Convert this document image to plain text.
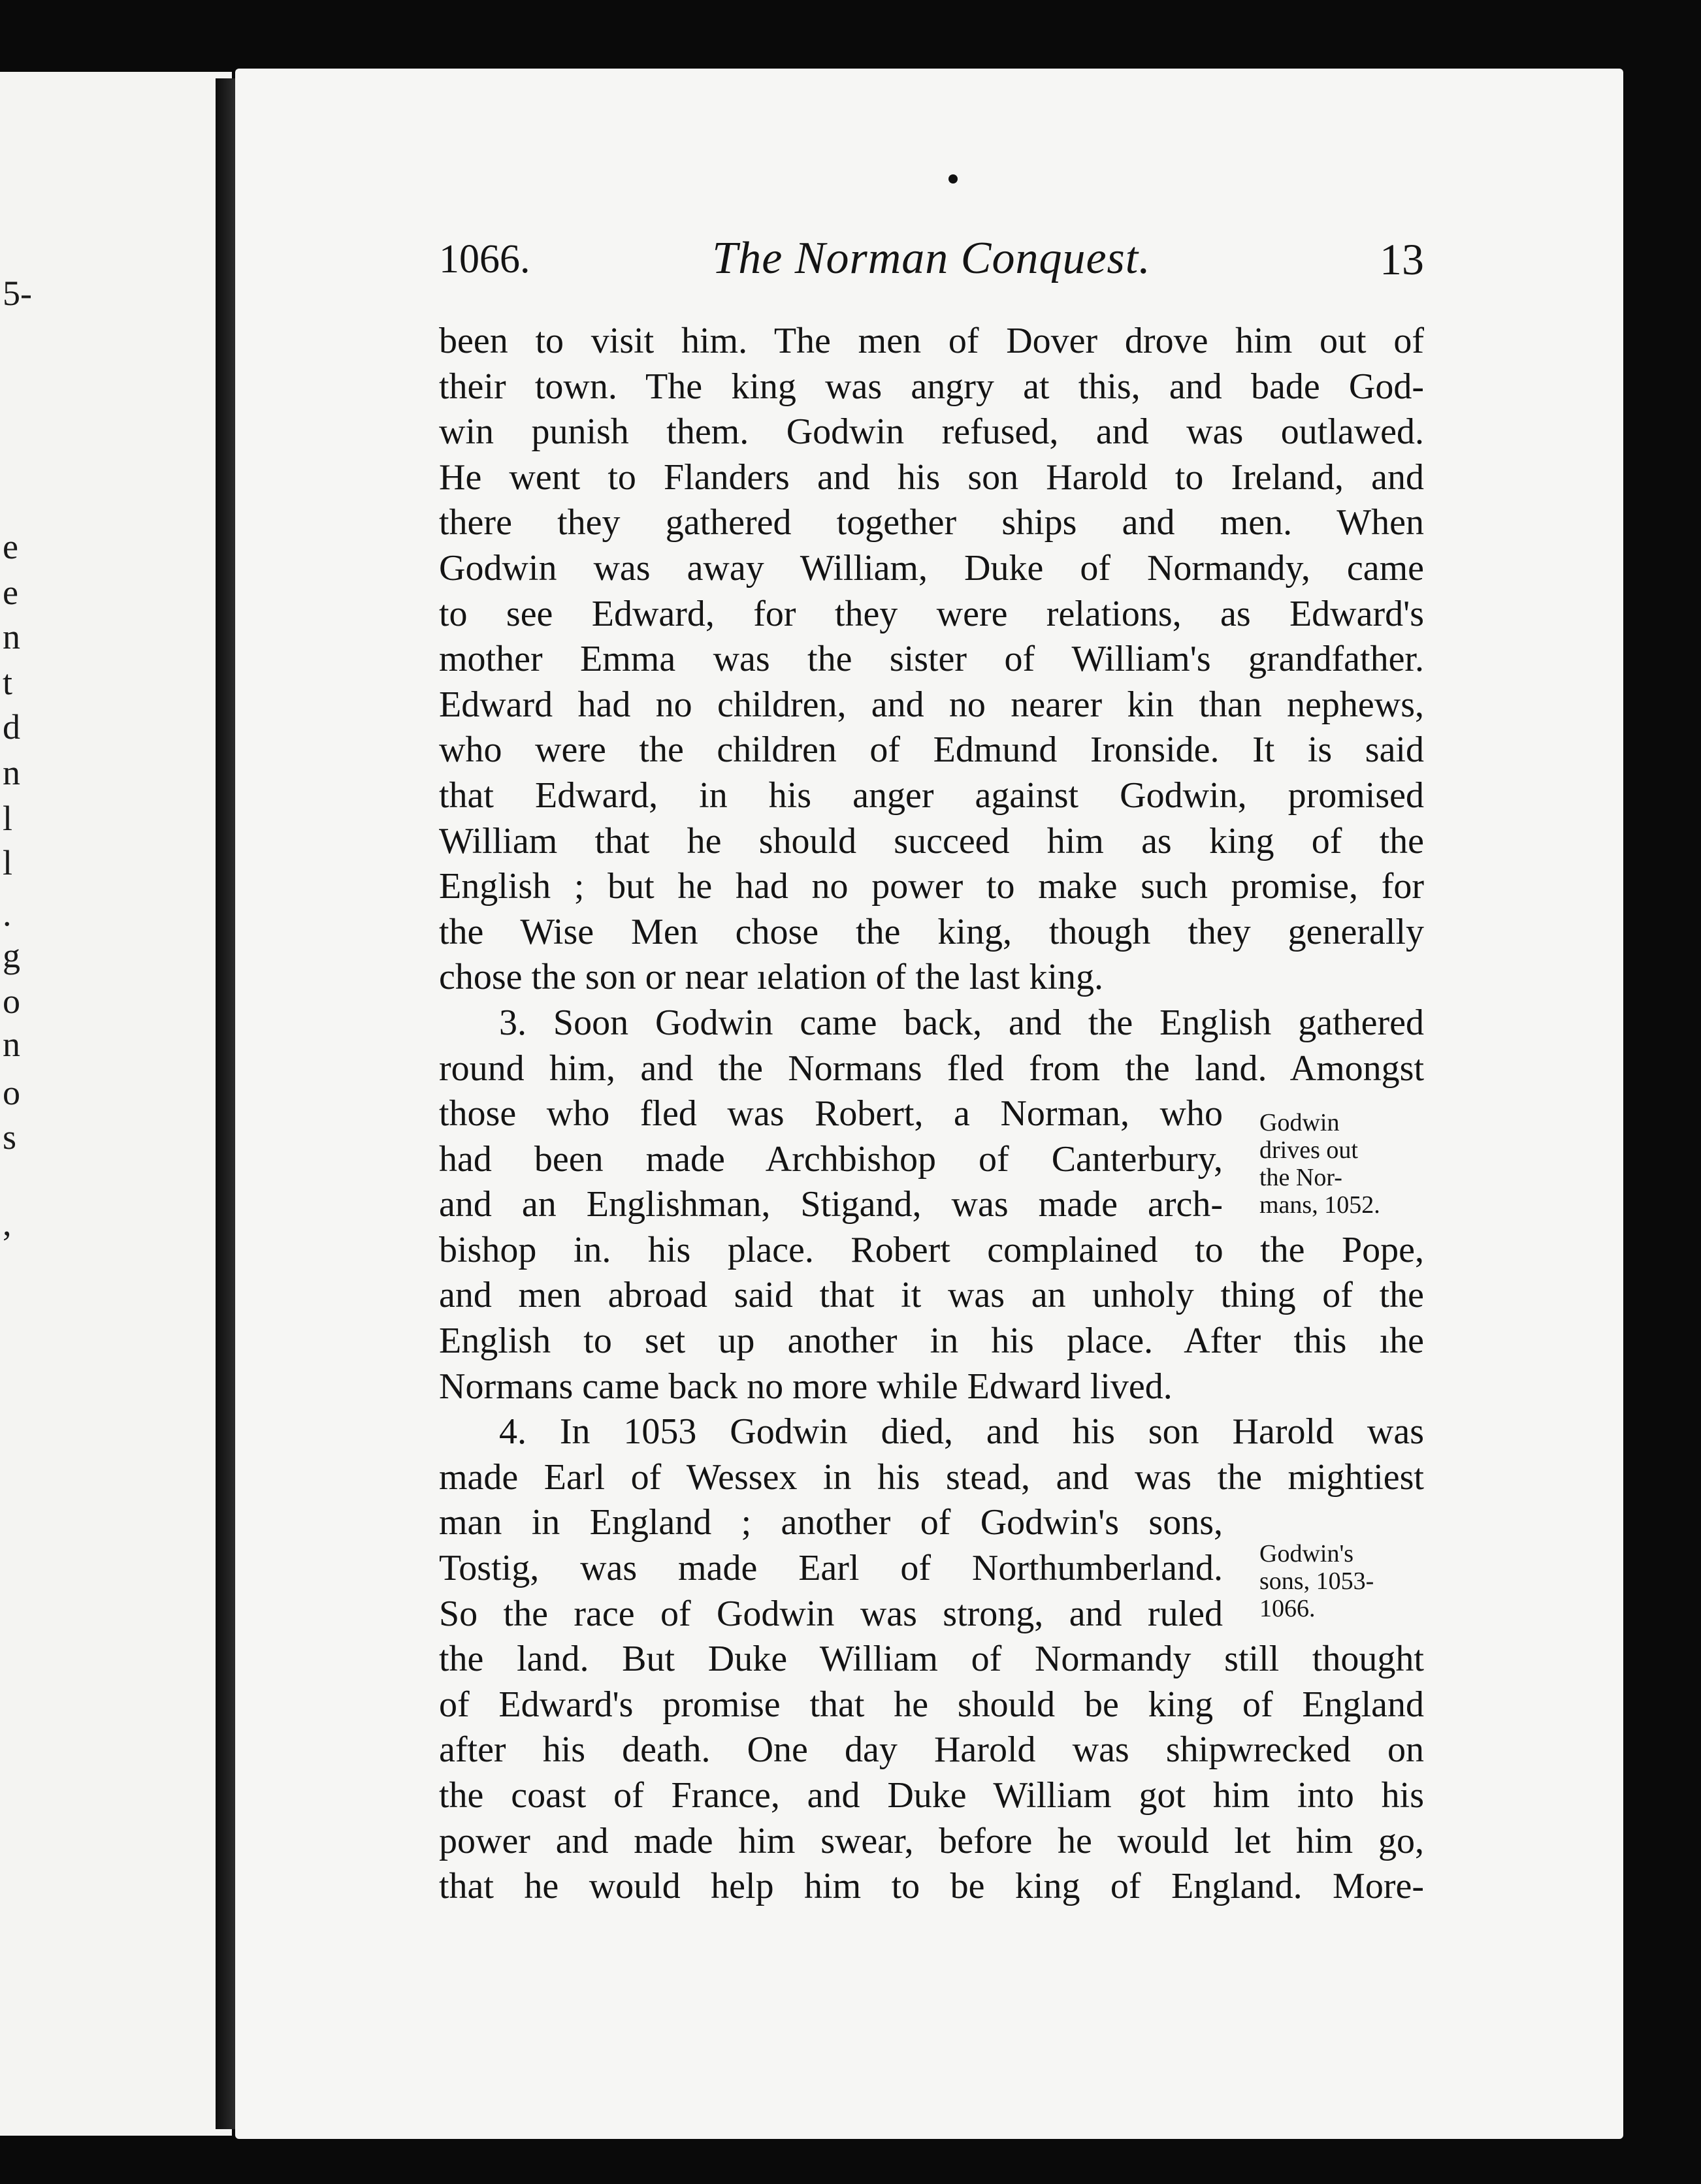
5-
e
e
n
t
d
n
l
l
.
g
o
n
o
s
,
1066.	The Norman Conquest.	13
been to visit him. The men of Dover drove him out of
their town. The king was angry at this, and bade God-
win punish them. Godwin refused, and was outlawed.
He went to Flanders and his son Harold to Ireland, and
there they gathered together ships and men. When
Godwin was away William, Duke of Normandy, came
to see Edward, for they were relations, as Edward's
mother Emma was the sister of William's grandfather.
Edward had no children, and no nearer kin than nephews,
who were the children of Edmund Ironside. It is said
that Edward, in his anger against Godwin, promised
William that he should succeed him as king of the
English ; but he had no power to make such promise, for
the Wise Men chose the king, though they generally
chose the son or near ıelation of the last king.
3. Soon Godwin came back, and the English gathered
round him, and the Normans fled from the land. Amongst
those who fled was Robert, a Norman, who
had been made Archbishop of Canterbury,
and an Englishman, Stigand, was made arch-
bishop in. his place. Robert complained to the Pope,
and men abroad said that it was an unholy thing of the
English to set up another in his place. After this ıhe
Normans came back no more while Edward lived.
4. In 1053 Godwin died, and his son Harold was
made Earl of Wessex in his stead, and was the mightiest
man in England ; another of Godwin's sons,
Tostig, was made Earl of Northumberland.
So the race of Godwin was strong, and ruled
the land. But Duke William of Normandy still thought
of Edward's promise that he should be king of England
after his death. One day Harold was shipwrecked on
the coast of France, and Duke William got him into his
power and made him swear, before he would let him go,
that he would help him to be king of England. More-
Godwin
drives out
the Nor-
mans, 1052.
Godwin's
sons, 1053-
1066.
